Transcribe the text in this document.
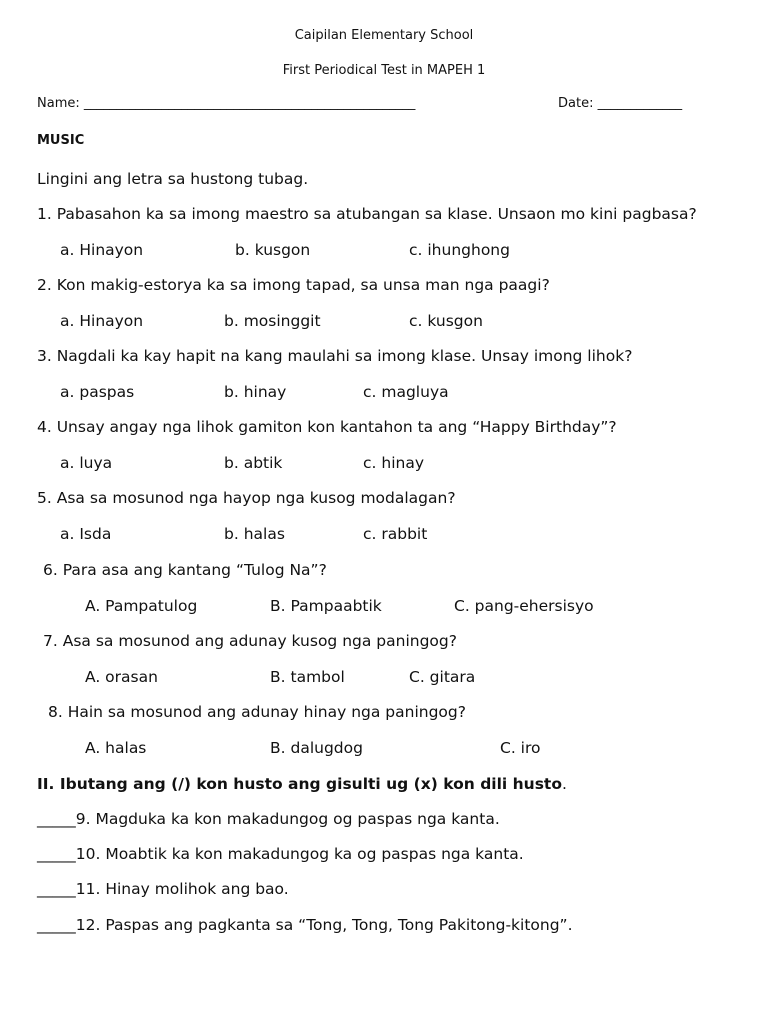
Caipilan Elementary School
First Periodical Test in MAPEH 1
Name: ___________________________________________________	Date: _____________
MUSIC
Lingini ang letra sa hustong tubag.
1. Pabasahon ka sa imong maestro sa atubangan sa klase. Unsaon mo kini pagbasa?
a. Hinayon	b. kusgon	c. ihunghong
2. Kon makig-estorya ka sa imong tapad, sa unsa man nga paagi?
a. Hinayon	b. mosinggit	c. kusgon
3. Nagdali ka kay hapit na kang maulahi sa imong klase. Unsay imong lihok?
a. paspas	b. hinay	c. magluya
4. Unsay angay nga lihok gamiton kon kantahon ta ang “Happy Birthday”?
a. luya	b. abtik	c. hinay
5. Asa sa mosunod nga hayop nga kusog modalagan?
a. Isda	b. halas	c. rabbit
6. Para asa ang kantang “Tulog Na”?
A. Pampatulog	B. Pampaabtik	C. pang-ehersisyo
7. Asa sa mosunod ang adunay kusog nga paningog?
A. orasan	B. tambol	C. gitara
8. Hain sa mosunod ang adunay hinay nga paningog?
A. halas	B. dalugdog	C. iro
II. Ibutang ang (/) kon husto ang gisulti ug (x) kon dili husto.
_____9. Magduka ka kon makadungog og paspas nga kanta.
_____10. Moabtik ka kon makadungog ka og paspas nga kanta.
_____11. Hinay molihok ang bao.
_____12. Paspas ang pagkanta sa “Tong, Tong, Tong Pakitong-kitong”.
